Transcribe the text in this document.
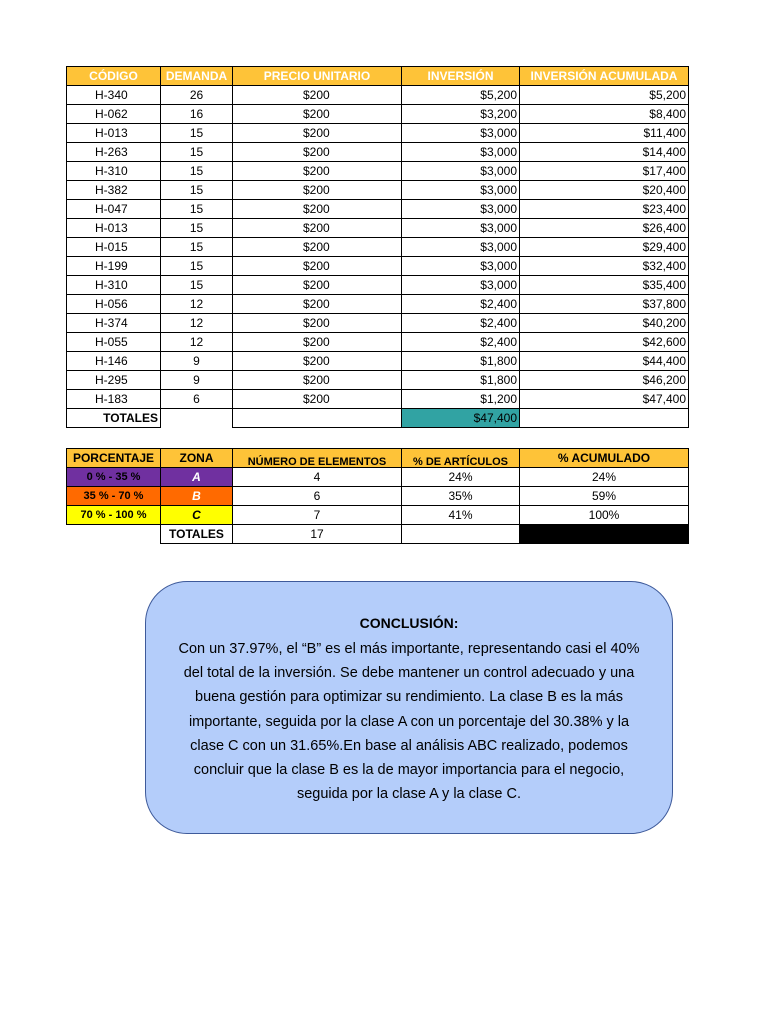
CÓDIGO	DEMANDA	PRECIO UNITARIO	INVERSIÓN	INVERSIÓN ACUMULADA
H-340	26	$200	$5,200	$5,200
H-062	16	$200	$3,200	$8,400
H-013	15	$200	$3,000	$11,400
H-263	15	$200	$3,000	$14,400
H-310	15	$200	$3,000	$17,400
H-382	15	$200	$3,000	$20,400
H-047	15	$200	$3,000	$23,400
H-013	15	$200	$3,000	$26,400
H-015	15	$200	$3,000	$29,400
H-199	15	$200	$3,000	$32,400
H-310	15	$200	$3,000	$35,400
H-056	12	$200	$2,400	$37,800
H-374	12	$200	$2,400	$40,200
H-055	12	$200	$2,400	$42,600
H-146	9	$200	$1,800	$44,400
H-295	9	$200	$1,800	$46,200
H-183	6	$200	$1,200	$47,400
TOTALES			$47,400	
PORCENTAJE	ZONA	NÚMERO DE ELEMENTOS	% DE ARTÍCULOS	% ACUMULADO
0 % - 35 %	A	4	24%	24%
35 % - 70 %	B	6	35%	59%
70 % - 100 %	C	7	41%	100%
	TOTALES	17		
CONCLUSIÓN:
Con un 37.97%, el “B” es el más importante, representando casi el 40% del total de la inversión. Se debe mantener un control adecuado y una buena gestión para optimizar su rendimiento. La clase B es la más importante, seguida por la clase A con un porcentaje del 30.38% y la clase C con un 31.65%.En base al análisis ABC realizado, podemos concluir que la clase B es la de mayor importancia para el negocio, seguida por la clase A y la clase C.
